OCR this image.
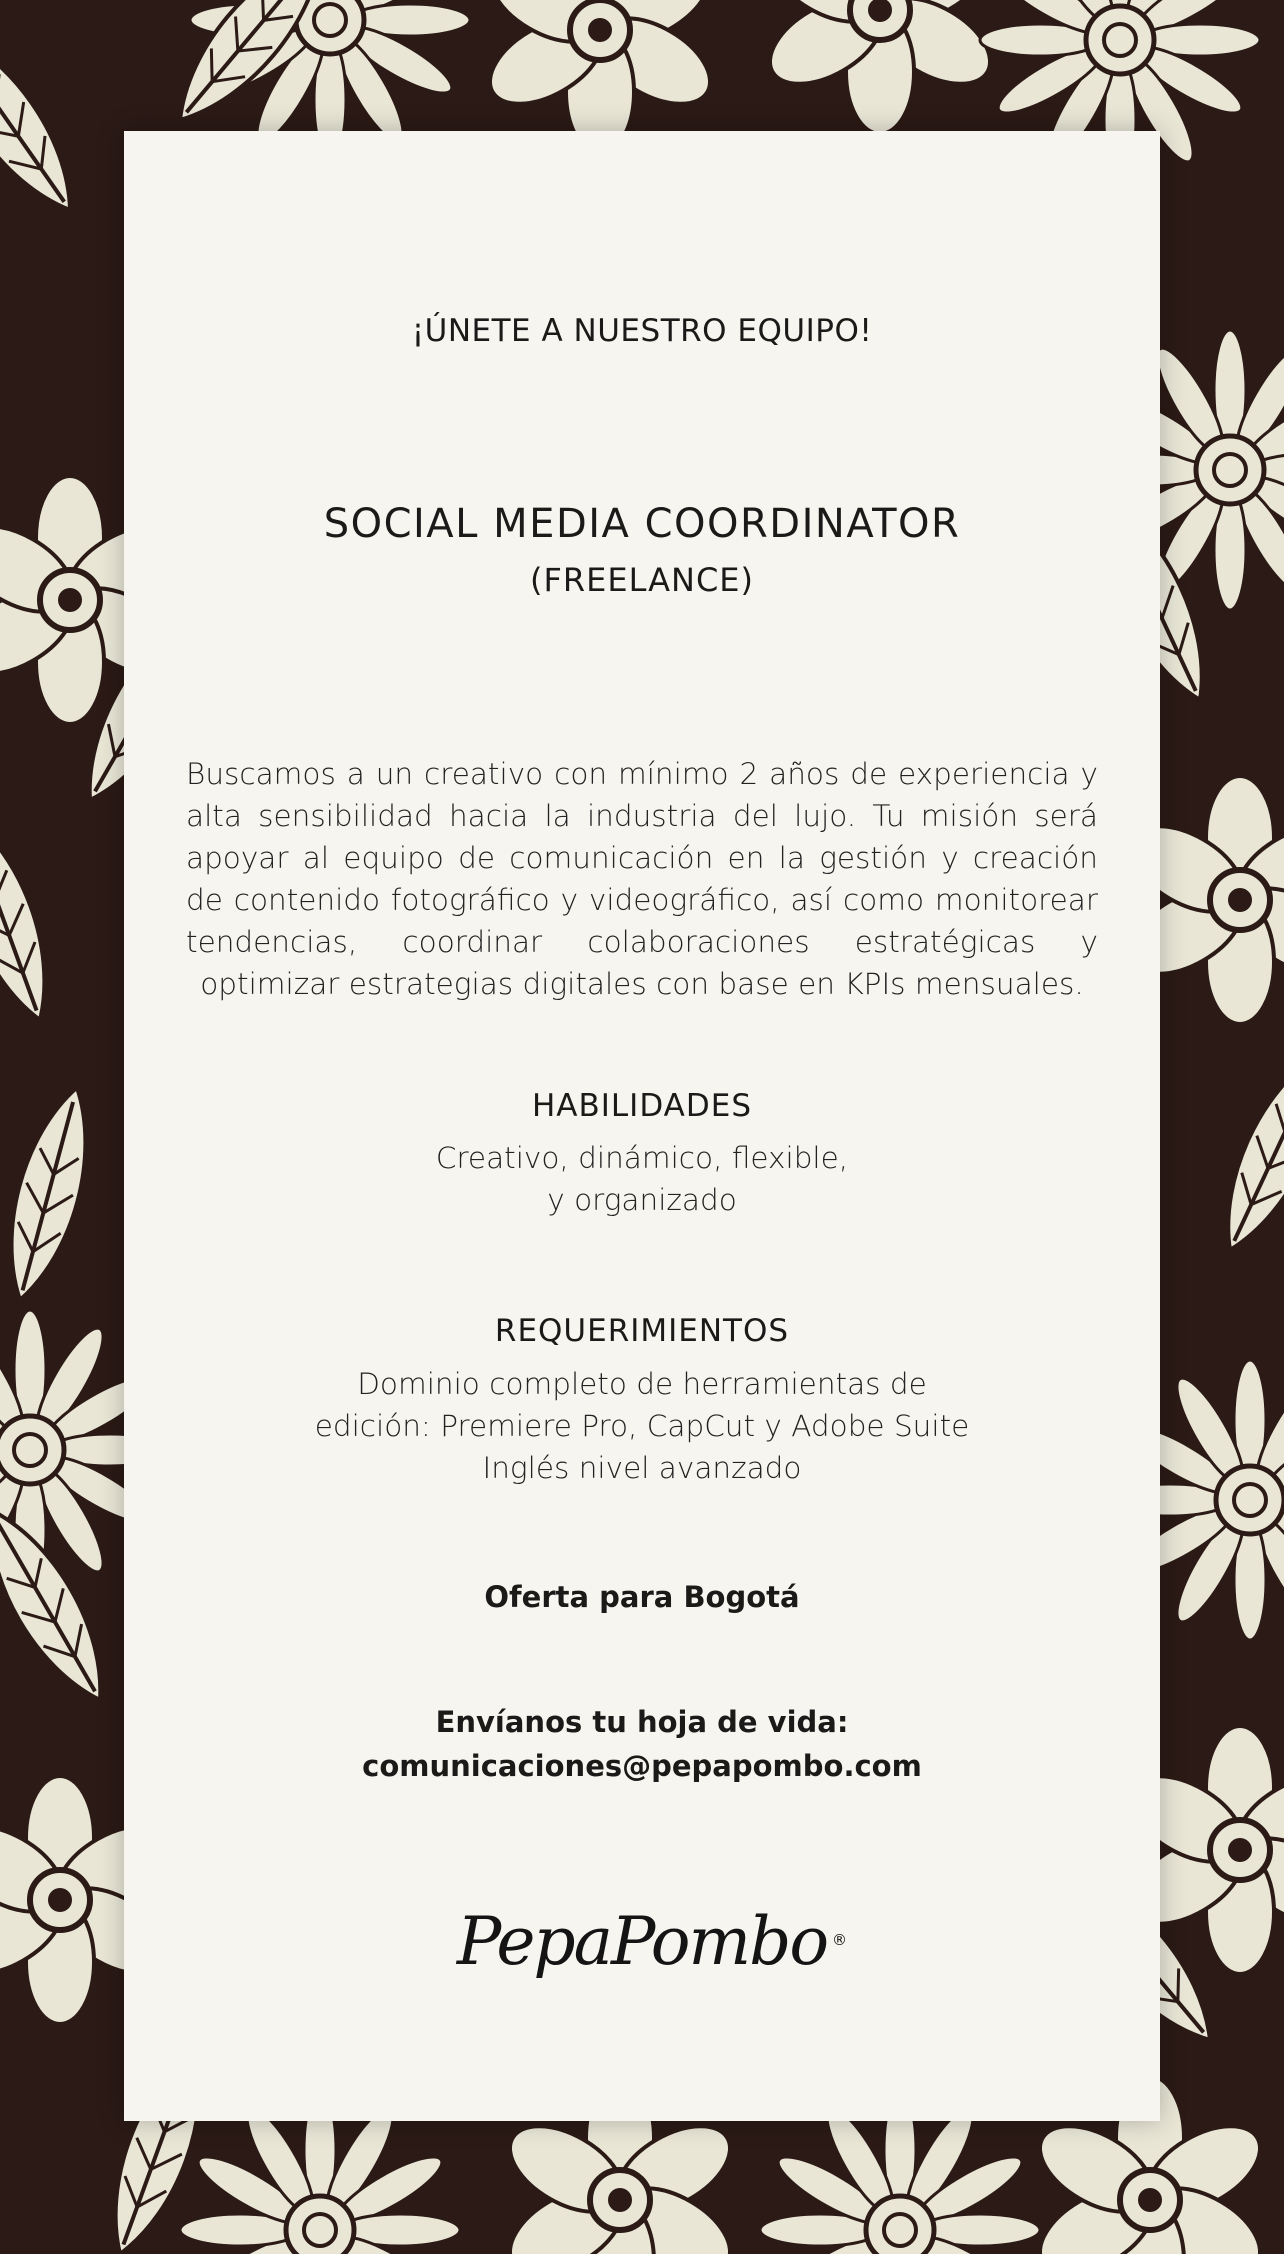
¡ÚNETE A NUESTRO EQUIPO!

SOCIAL MEDIA COORDINATOR

(FREELANCE)

Buscamos a un creativo con mínimo 2 años de experiencia y alta sensibilidad hacia la industria del lujo. Tu misión será apoyar al equipo de comunicación en la gestión y creación de contenido fotográfico y videográfico, así como monitorear tendencias, coordinar colaboraciones estratégicas y optimizar estrategias digitales con base en KPIs mensuales.

HABILIDADES

Creativo, dinámico, flexible,

y organizado

REQUERIMIENTOS

Dominio completo de herramientas de

edición: Premiere Pro, CapCut y Adobe Suite

Inglés nivel avanzado

Oferta para Bogotá

Envíanos tu hoja de vida:

comunicaciones@pepapombo.com

PepaPombo ®
